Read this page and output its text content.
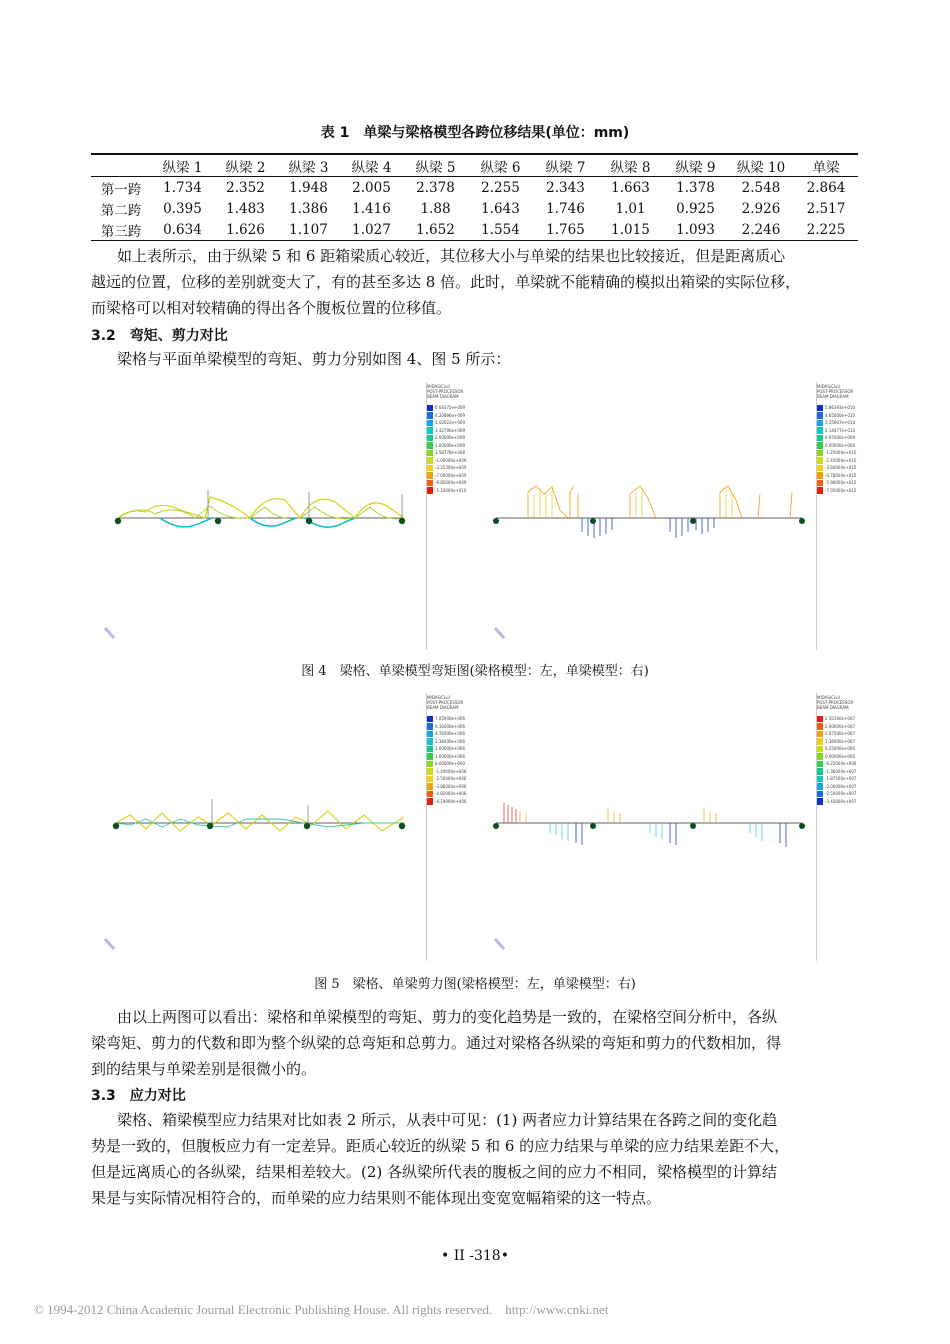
表 1　单梁与梁格模型各跨位移结果(单位：mm)
	纵梁 1	纵梁 2	纵梁 3	纵梁 4	纵梁 5	纵梁 6	纵梁 7	纵梁 8	纵梁 9	纵梁 10	单梁
第一跨	1.734	2.352	1.948	2.005	2.378	2.255	2.343	1.663	1.378	2.548	2.864
第二跨	0.395	1.483	1.386	1.416	1.88	1.643	1.746	1.01	0.925	2.926	2.517
第三跨	0.634	1.626	1.107	1.027	1.652	1.554	1.765	1.015	1.093	2.246	2.225
如上表所示，由于纵梁 5 和 6 距箱梁质心较近，其位移大小与单梁的结果也比较接近，但是距离质心
越远的位置，位移的差别就变大了，有的甚至多达 8 倍。此时，单梁就不能精确的模拟出箱梁的实际位移，
而梁格可以相对较精确的得出各个腹板位置的位移值。
3.2　弯矩、剪力对比
梁格与平面单梁模型的弯矩、剪力分别如图 4、图 5 所示：
MIDAS/Civil
POST-PROCESSOR
BEAM DIAGRAM
6.64375e+009
4.20896e+009
4.02022e+009
3.42796e+009
2.00000e+009
1.00000e+009
3.58778e+008
-1.00000e+009
-3.25300e+009
-7.00000e+009
-9.85000e+009
-1.10000e+010
MIDAS/Civil
POST-PROCESSOR
BEAM DIAGRAM
5.86393e+010
4.65000e+010
3.25907e+010
2.14477e+010
9.97000e+009
0.00000e+000
-1.25000e+010
-2.45000e+010
-3.60000e+010
-4.78000e+010
-5.90000e+010
-7.05000e+010
图 4　梁格、单梁模型弯矩图(梁格模型：左，单梁模型：右)
MIDAS/Civil
POST-PROCESSOR
BEAM DIAGRAM
7.05900e+006
6.10000e+006
4.76000e+006
3.38400e+006
2.00000e+006
1.00000e+006
0.00000e+000
-1.40000e+006
-2.50000e+006
-3.86000e+006
-4.82000e+006
-6.19000e+006
MIDAS/Civil
POST-PROCESSOR
BEAM DIAGRAM
2.50100e+007
2.00000e+007
1.87500e+007
1.36000e+007
6.25000e+006
0.00000e+000
-6.25000e+006
-1.36000e+007
-1.87500e+007
-2.00000e+007
-2.50000e+007
-3.43000e+007
图 5　梁格、单梁剪力图(梁格模型：左，单梁模型：右)
由以上两图可以看出：梁格和单梁模型的弯矩、剪力的变化趋势是一致的，在梁格空间分析中，各纵
梁弯矩、剪力的代数和即为整个纵梁的总弯矩和总剪力。通过对梁格各纵梁的弯矩和剪力的代数相加，得
到的结果与单梁差别是很微小的。
3.3　应力对比
梁格、箱梁模型应力结果对比如表 2 所示，从表中可见：(1) 两者应力计算结果在各跨之间的变化趋
势是一致的，但腹板应力有一定差异。距质心较近的纵梁 5 和 6 的应力结果与单梁的应力结果差距不大，
但是远离质心的各纵梁，结果相差较大。(2) 各纵梁所代表的腹板之间的应力不相同，梁格模型的计算结
果是与实际情况相符合的，而单梁的应力结果则不能体现出变宽宽幅箱梁的这一特点。
• II -318•
© 1994-2012 China Academic Journal Electronic Publishing House. All rights reserved.　http://www.cnki.net
